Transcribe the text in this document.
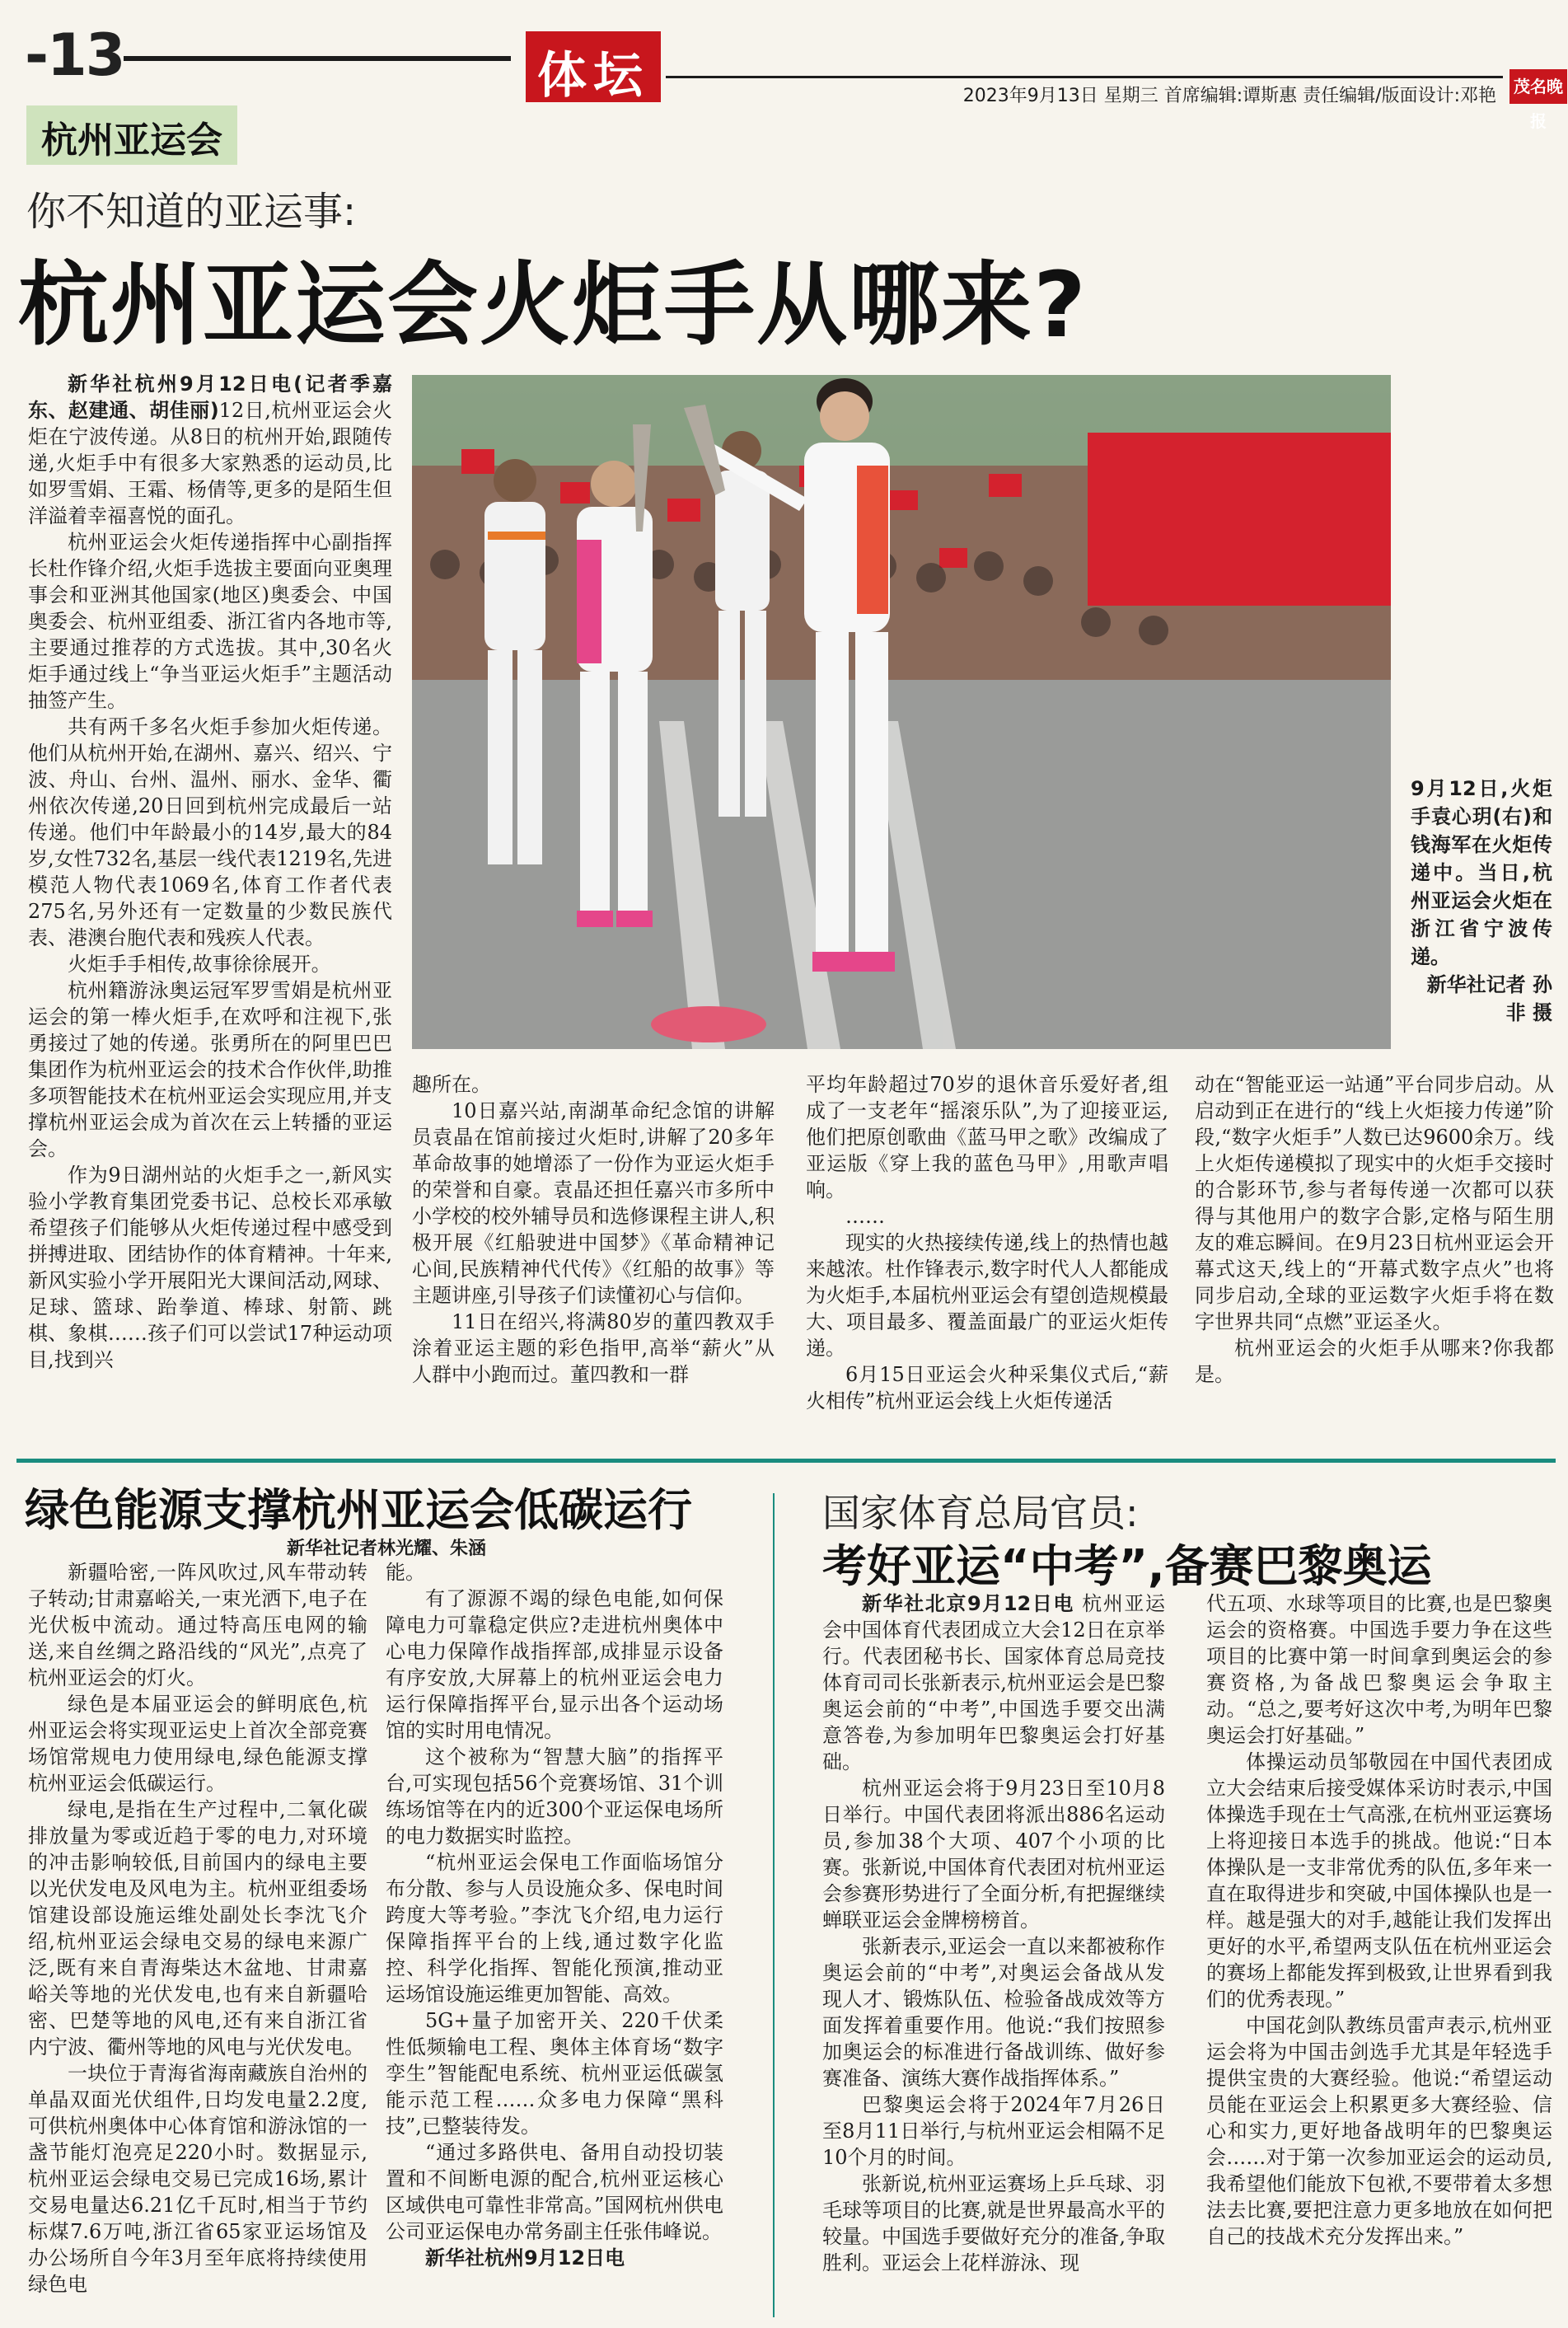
-13	体坛	2023年9月13日 星期三 首席编辑:谭斯惠 责任编辑/版面设计:邓艳	茂名晚报
杭州亚运会
你不知道的亚运事:
杭州亚运会火炬手从哪来?

新华社杭州9月12日电(记者季嘉东、赵建通、胡佳丽)12日,杭州亚运会火炬在宁波传递。从8日的杭州开始,跟随传递,火炬手中有很多大家熟悉的运动员,比如罗雪娟、王霜、杨倩等,更多的是陌生但洋溢着幸福喜悦的面孔。

杭州亚运会火炬传递指挥中心副指挥长杜作锋介绍,火炬手选拔主要面向亚奥理事会和亚洲其他国家(地区)奥委会、中国奥委会、杭州亚组委、浙江省内各地市等,主要通过推荐的方式选拔。其中,30名火炬手通过线上“争当亚运火炬手”主题活动抽签产生。

共有两千多名火炬手参加火炬传递。他们从杭州开始,在湖州、嘉兴、绍兴、宁波、舟山、台州、温州、丽水、金华、衢州依次传递,20日回到杭州完成最后一站传递。他们中年龄最小的14岁,最大的84岁,女性732名,基层一线代表1219名,先进模范人物代表1069名,体育工作者代表275名,另外还有一定数量的少数民族代表、港澳台胞代表和残疾人代表。

火炬手手相传,故事徐徐展开。

杭州籍游泳奥运冠军罗雪娟是杭州亚运会的第一棒火炬手,在欢呼和注视下,张勇接过了她的传递。张勇所在的阿里巴巴集团作为杭州亚运会的技术合作伙伴,助推多项智能技术在杭州亚运会实现应用,并支撑杭州亚运会成为首次在云上转播的亚运会。

作为9日湖州站的火炬手之一,新风实验小学教育集团党委书记、总校长邓承敏希望孩子们能够从火炬传递过程中感受到拼搏进取、团结协作的体育精神。十年来,新风实验小学开展阳光大课间活动,网球、足球、篮球、跆拳道、棒球、射箭、跳棋、象棋……孩子们可以尝试17种运动项目,找到兴

9月12日,火炬手袁心玥(右)和钱海军在火炬传递中。当日,杭州亚运会火炬在浙江省宁波传递。

新华社记者 孙非 摄

趣所在。

10日嘉兴站,南湖革命纪念馆的讲解员袁晶在馆前接过火炬时,讲解了20多年革命故事的她增添了一份作为亚运火炬手的荣誉和自豪。袁晶还担任嘉兴市多所中小学校的校外辅导员和选修课程主讲人,积极开展《红船驶进中国梦》《革命精神记心间,民族精神代代传》《红船的故事》等主题讲座,引导孩子们读懂初心与信仰。

11日在绍兴,将满80岁的董四教双手涂着亚运主题的彩色指甲,高举“薪火”从人群中小跑而过。董四教和一群

平均年龄超过70岁的退休音乐爱好者,组成了一支老年“摇滚乐队”,为了迎接亚运,他们把原创歌曲《蓝马甲之歌》改编成了亚运版《穿上我的蓝色马甲》,用歌声唱响。

……

现实的火热接续传递,线上的热情也越来越浓。杜作锋表示,数字时代人人都能成为火炬手,本届杭州亚运会有望创造规模最大、项目最多、覆盖面最广的亚运火炬传递。

6月15日亚运会火种采集仪式后,“薪火相传”杭州亚运会线上火炬传递活

动在“智能亚运一站通”平台同步启动。从启动到正在进行的“线上火炬接力传递”阶段,“数字火炬手”人数已达9600余万。线上火炬传递模拟了现实中的火炬手交接时的合影环节,参与者每传递一次都可以获得与其他用户的数字合影,定格与陌生朋友的难忘瞬间。在9月23日杭州亚运会开幕式这天,线上的“开幕式数字点火”也将同步启动,全球的亚运数字火炬手将在数字世界共同“点燃”亚运圣火。

杭州亚运会的火炬手从哪来?你我都是。

绿色能源支撑杭州亚运会低碳运行
新华社记者林光耀、朱涵

新疆哈密,一阵风吹过,风车带动转子转动;甘肃嘉峪关,一束光洒下,电子在光伏板中流动。通过特高压电网的输送,来自丝绸之路沿线的“风光”,点亮了杭州亚运会的灯火。

绿色是本届亚运会的鲜明底色,杭州亚运会将实现亚运史上首次全部竞赛场馆常规电力使用绿电,绿色能源支撑杭州亚运会低碳运行。

绿电,是指在生产过程中,二氧化碳排放量为零或近趋于零的电力,对环境的冲击影响较低,目前国内的绿电主要以光伏发电及风电为主。杭州亚组委场馆建设部设施运维处副处长李沈飞介绍,杭州亚运会绿电交易的绿电来源广泛,既有来自青海柴达木盆地、甘肃嘉峪关等地的光伏发电,也有来自新疆哈密、巴楚等地的风电,还有来自浙江省内宁波、衢州等地的风电与光伏发电。

一块位于青海省海南藏族自治州的单晶双面光伏组件,日均发电量2.2度,可供杭州奥体中心体育馆和游泳馆的一盏节能灯泡亮足220小时。数据显示,杭州亚运会绿电交易已完成16场,累计交易电量达6.21亿千瓦时,相当于节约标煤7.6万吨,浙江省65家亚运场馆及办公场所自今年3月至年底将持续使用绿色电

能。

有了源源不竭的绿色电能,如何保障电力可靠稳定供应?走进杭州奥体中心电力保障作战指挥部,成排显示设备有序安放,大屏幕上的杭州亚运会电力运行保障指挥平台,显示出各个运动场馆的实时用电情况。

这个被称为“智慧大脑”的指挥平台,可实现包括56个竞赛场馆、31个训练场馆等在内的近300个亚运保电场所的电力数据实时监控。

“杭州亚运会保电工作面临场馆分布分散、参与人员设施众多、保电时间跨度大等考验。”李沈飞介绍,电力运行保障指挥平台的上线,通过数字化监控、科学化指挥、智能化预演,推动亚运场馆设施运维更加智能、高效。

5G+量子加密开关、220千伏柔性低频输电工程、奥体主体育场“数字孪生”智能配电系统、杭州亚运低碳氢能示范工程……众多电力保障“黑科技”,已整装待发。

“通过多路供电、备用自动投切装置和不间断电源的配合,杭州亚运核心区域供电可靠性非常高。”国网杭州供电公司亚运保电办常务副主任张伟峰说。

新华社杭州9月12日电

国家体育总局官员:
考好亚运“中考”,备赛巴黎奥运

新华社北京9月12日电 杭州亚运会中国体育代表团成立大会12日在京举行。代表团秘书长、国家体育总局竞技体育司司长张新表示,杭州亚运会是巴黎奥运会前的“中考”,中国选手要交出满意答卷,为参加明年巴黎奥运会打好基础。

杭州亚运会将于9月23日至10月8日举行。中国代表团将派出886名运动员,参加38个大项、407个小项的比赛。张新说,中国体育代表团对杭州亚运会参赛形势进行了全面分析,有把握继续蝉联亚运会金牌榜榜首。

张新表示,亚运会一直以来都被称作奥运会前的“中考”,对奥运会备战从发现人才、锻炼队伍、检验备战成效等方面发挥着重要作用。他说:“我们按照参加奥运会的标准进行备战训练、做好参赛准备、演练大赛作战指挥体系。”

巴黎奥运会将于2024年7月26日至8月11日举行,与杭州亚运会相隔不足10个月的时间。

张新说,杭州亚运赛场上乒乓球、羽毛球等项目的比赛,就是世界最高水平的较量。中国选手要做好充分的准备,争取胜利。亚运会上花样游泳、现

代五项、水球等项目的比赛,也是巴黎奥运会的资格赛。中国选手要力争在这些项目的比赛中第一时间拿到奥运会的参赛资格,为备战巴黎奥运会争取主动。“总之,要考好这次中考,为明年巴黎奥运会打好基础。”

体操运动员邹敬园在中国代表团成立大会结束后接受媒体采访时表示,中国体操选手现在士气高涨,在杭州亚运赛场上将迎接日本选手的挑战。他说:“日本体操队是一支非常优秀的队伍,多年来一直在取得进步和突破,中国体操队也是一样。越是强大的对手,越能让我们发挥出更好的水平,希望两支队伍在杭州亚运会的赛场上都能发挥到极致,让世界看到我们的优秀表现。”

中国花剑队教练员雷声表示,杭州亚运会将为中国击剑选手尤其是年轻选手提供宝贵的大赛经验。他说:“希望运动员能在亚运会上积累更多大赛经验、信心和实力,更好地备战明年的巴黎奥运会……对于第一次参加亚运会的运动员,我希望他们能放下包袱,不要带着太多想法去比赛,要把注意力更多地放在如何把自己的技战术充分发挥出来。”
